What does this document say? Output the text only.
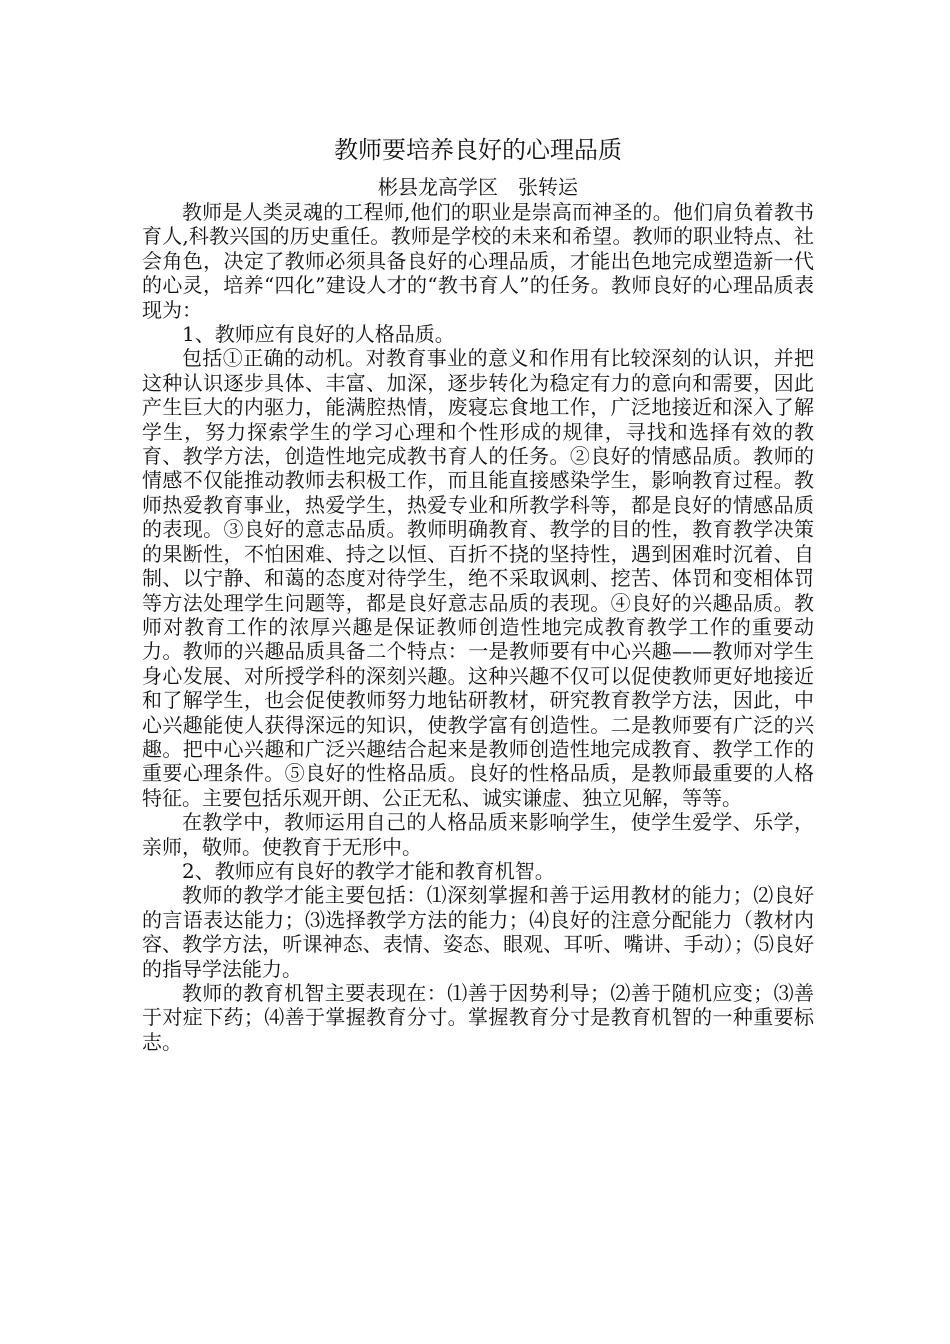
教师要培养良好的心理品质

彬县龙高学区 张转运

教师是人类灵魂的工程师,他们的职业是崇高而神圣的。他们肩负着教书育人,科教兴国的历史重任。教师是学校的未来和希望。教师的职业特点、社会角色，决定了教师必须具备良好的心理品质，才能出色地完成塑造新一代的心灵，培养“四化”建设人才的“教书育人”的任务。教师良好的心理品质表现为：

1、教师应有良好的人格品质。

包括①正确的动机。对教育事业的意义和作用有比较深刻的认识，并把这种认识逐步具体、丰富、加深，逐步转化为稳定有力的意向和需要，因此产生巨大的内驱力，能满腔热情，废寝忘食地工作，广泛地接近和深入了解学生，努力探索学生的学习心理和个性形成的规律，寻找和选择有效的教育、教学方法，创造性地完成教书育人的任务。②良好的情感品质。教师的情感不仅能推动教师去积极工作，而且能直接感染学生，影响教育过程。教师热爱教育事业，热爱学生，热爱专业和所教学科等，都是良好的情感品质的表现。③良好的意志品质。教师明确教育、教学的目的性，教育教学决策的果断性，不怕困难、持之以恒、百折不挠的坚持性，遇到困难时沉着、自制、以宁静、和蔼的态度对待学生，绝不采取讽刺、挖苦、体罚和变相体罚等方法处理学生问题等，都是良好意志品质的表现。④良好的兴趣品质。教师对教育工作的浓厚兴趣是保证教师创造性地完成教育教学工作的重要动力。教师的兴趣品质具备二个特点：一是教师要有中心兴趣——教师对学生身心发展、对所授学科的深刻兴趣。这种兴趣不仅可以促使教师更好地接近和了解学生，也会促使教师努力地钻研教材，研究教育教学方法，因此，中心兴趣能使人获得深远的知识，使教学富有创造性。二是教师要有广泛的兴趣。把中心兴趣和广泛兴趣结合起来是教师创造性地完成教育、教学工作的重要心理条件。⑤良好的性格品质。良好的性格品质，是教师最重要的人格特征。主要包括乐观开朗、公正无私、诚实谦虚、独立见解，等等。

在教学中，教师运用自己的人格品质来影响学生，使学生爱学、乐学，亲师，敬师。使教育于无形中。

2、教师应有良好的教学才能和教育机智。

教师的教学才能主要包括：⑴深刻掌握和善于运用教材的能力；⑵良好的言语表达能力；⑶选择教学方法的能力；⑷良好的注意分配能力（教材内容、教学方法，听课神态、表情、姿态、眼观、耳听、嘴讲、手动）；⑸良好的指导学法能力。

教师的教育机智主要表现在：⑴善于因势利导；⑵善于随机应变；⑶善于对症下药；⑷善于掌握教育分寸。掌握教育分寸是教育机智的一种重要标志。
